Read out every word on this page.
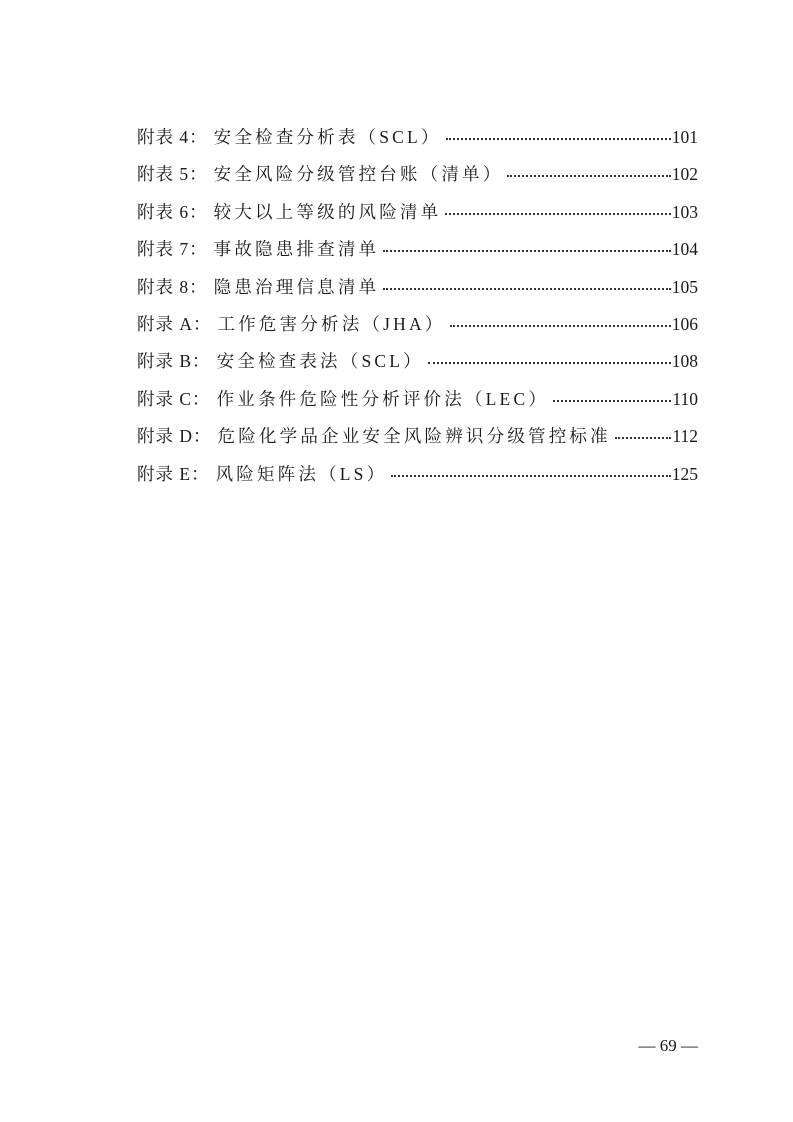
附表 4： 安全检查分析表（SCL）	101
附表 5： 安全风险分级管控台账（清单）	102
附表 6： 较大以上等级的风险清单	103
附表 7： 事故隐患排查清单	104
附表 8： 隐患治理信息清单	105
附录 A： 工作危害分析法（JHA）	106
附录 B： 安全检查表法（SCL）	108
附录 C： 作业条件危险性分析评价法（LEC）	110
附录 D： 危险化学品企业安全风险辨识分级管控标准	112
附录 E： 风险矩阵法（LS）	125
— 69 —
